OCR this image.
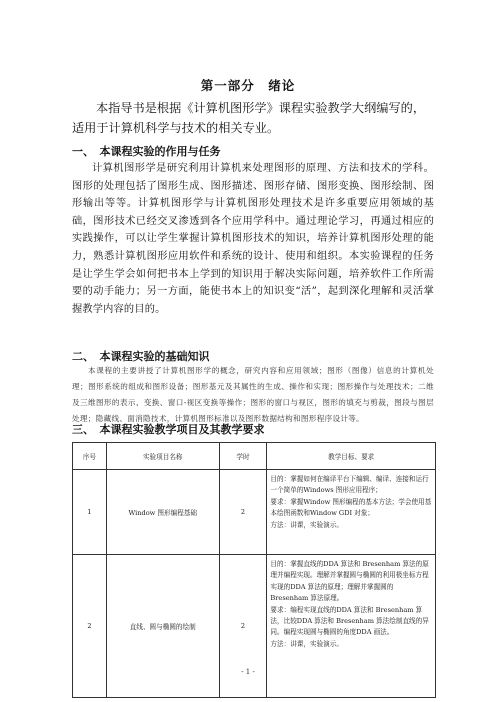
第一部分　绪论
本指导书是根据《计算机图形学》课程实验教学大纲编写的，适用于计算机科学与技术的相关专业。
一、　本课程实验的作用与任务
计算机图形学是研究利用计算机来处理图形的原理、方法和技术的学科。图形的处理包括了图形生成、图形描述、图形存储、图形变换、图形绘制、图形输出等等。计算机图形学与计算机图形处理技术是许多重要应用领域的基础，图形技术已经交叉渗透到各个应用学科中。通过理论学习，再通过相应的实践操作，可以让学生掌握计算机图形技术的知识，培养计算机图形处理的能力，熟悉计算机图形应用软件和系统的设计、使用和组织。本实验课程的任务是让学生学会如何把书本上学到的知识用于解决实际问题，培养软件工作所需要的动手能力；另一方面，能使书本上的知识变“活”，起到深化理解和灵活掌握教学内容的目的。
二、　本课程实验的基础知识
本课程的主要讲授了计算机图形学的概念，研究内容和应用领域；图形（图像）信息的计算机处理；图形系统的组成和图形设备；图形基元及其属性的生成、操作和实现；图形操作与处理技术；二维及三维图形的表示、变换、窗口-视区变换等操作；图形的窗口与视区，图形的填充与剪裁，图段与图层处理；隐藏线、面消隐技术，计算机图形标准以及图形数据结构和图形程序设计等。
三、　本课程实验教学项目及其教学要求
序号	实验项目名称	学时	教学目标、要求
1	Window 图形编程基础	2	目的：掌握如何在编译平台下编辑、编译、连接和运行一个简单的Windows 图形应用程序；
要求：掌握Window 图形编程的基本方法；学会使用基本绘图函数和Window GDI 对象；
方法：讲课，实验演示。

2	直线、圆与椭圆的绘制	2	目的：掌握直线的DDA 算法和 Bresenham 算法的原理并编程实现。理解并掌握圆与椭圆的利用极坐标方程实现的DDA 算法的原理；理解并掌握圆的 Bresenham 算法原理。
要求：编程实现直线的DDA 算法和 Bresenham 算法，比较DDA 算法和 Bresenham 算法绘制直线的异同。编程实现圆与椭圆的角度DDA 画法。
方法：讲课，实验演示。
- 1 -
